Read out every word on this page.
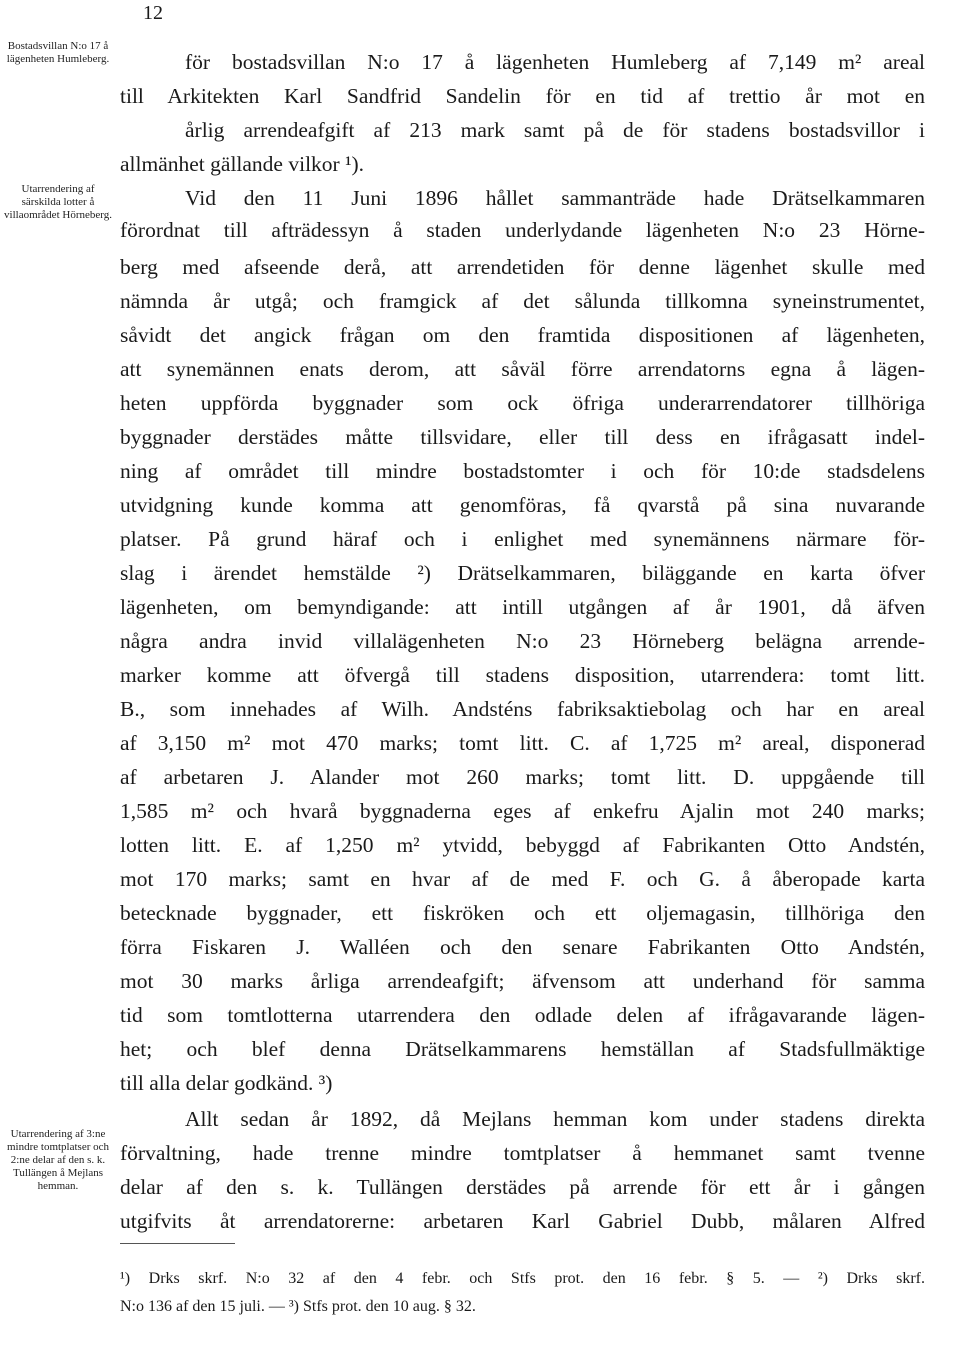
12
Bostadsvillan N:o 17 å lägenheten Humleberg.
Utarrendering af särskilda lotter å villaområdet Hörneberg.
Utarrendering af 3:ne mindre tomtplatser och 2:ne delar af den s. k. Tullängen å Mejlans hemman.
för bostadsvillan N:o 17 å lägenheten Humleberg af 7,149 m² areal
till Arkitekten Karl Sandfrid Sandelin för en tid af trettio år mot en
årlig arrendeafgift af 213 mark samt på de för stadens bostadsvillor i
allmänhet gällande vilkor ¹).
Vid den 11 Juni 1896 hållet sammanträde hade Drätselkammaren
förordnat till afträdessyn å staden underlydande lägenheten N:o 23 Hörne-
berg med afseende derå, att arrendetiden för denne lägenhet skulle med
nämnda år utgå; och framgick af det sålunda tillkomna syneinstrumentet,
såvidt det angick frågan om den framtida dispositionen af lägenheten,
att synemännen enats derom, att såväl förre arrendatorns egna å lägen-
heten uppförda byggnader som ock öfriga underarrendatorer tillhöriga
byggnader derstädes måtte tillsvidare, eller till dess en ifrågasatt indel-
ning af området till mindre bostadstomter i och för 10:de stadsdelens
utvidgning kunde komma att genomföras, få qvarstå på sina nuvarande
platser. På grund häraf och i enlighet med synemännens närmare för-
slag i ärendet hemstälde ²) Drätselkammaren, biläggande en karta öfver
lägenheten, om bemyndigande: att intill utgången af år 1901, då äfven
några andra invid villalägenheten N:o 23 Hörneberg belägna arrende-
marker komme att öfvergå till stadens disposition, utarrendera: tomt litt.
B., som innehades af Wilh. Andsténs fabriksaktiebolag och har en areal
af 3,150 m² mot 470 marks; tomt litt. C. af 1,725 m² areal, disponerad
af arbetaren J. Alander mot 260 marks; tomt litt. D. uppgående till
1,585 m² och hvarå byggnaderna eges af enkefru Ajalin mot 240 marks;
lotten litt. E. af 1,250 m² ytvidd, bebyggd af Fabrikanten Otto Andstén,
mot 170 marks; samt en hvar af de med F. och G. å åberopade karta
betecknade byggnader, ett fiskröken och ett oljemagasin, tillhöriga den
förra Fiskaren J. Walléen och den senare Fabrikanten Otto Andstén,
mot 30 marks årliga arrendeafgift; äfvensom att underhand för samma
tid som tomtlotterna utarrendera den odlade delen af ifrågavarande lägen-
het; och blef denna Drätselkammarens hemställan af Stadsfullmäktige
till alla delar godkänd. ³)
Allt sedan år 1892, då Mejlans hemman kom under stadens direkta
förvaltning, hade trenne mindre tomtplatser å hemmanet samt tvenne
delar af den s. k. Tullängen derstädes på arrende för ett år i gången
utgifvits åt arrendatorerne: arbetaren Karl Gabriel Dubb, målaren Alfred
¹) Drks skrf. N:o 32 af den 4 febr. och Stfs prot. den 16 febr. § 5. — ²) Drks skrf.
N:o 136 af den 15 juli. — ³) Stfs prot. den 10 aug. § 32.
